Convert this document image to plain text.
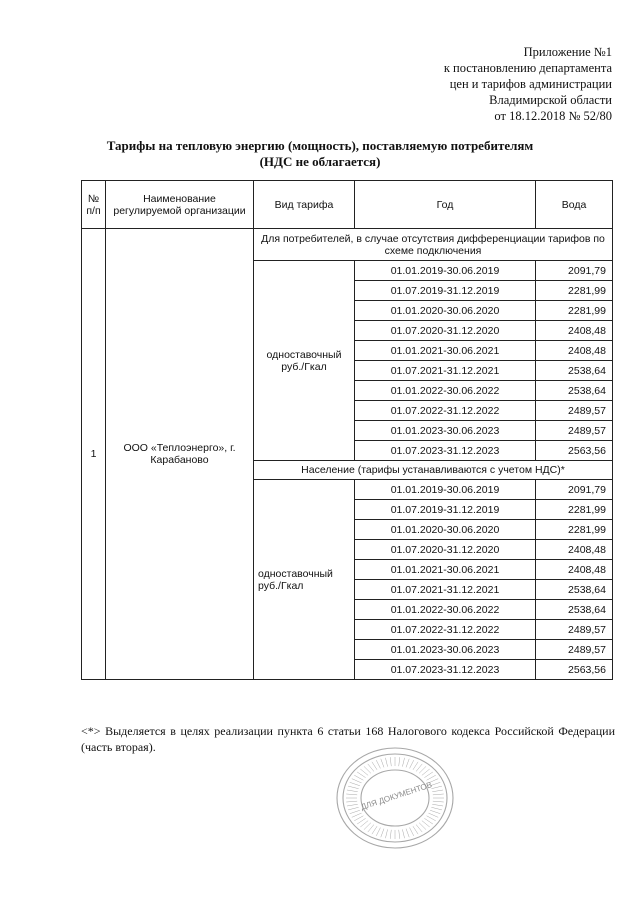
Приложение №1
к постановлению департамента
цен и тарифов администрации
Владимирской области
от 18.12.2018 № 52/80
Тарифы на тепловую энергию (мощность), поставляемую потребителям
(НДС не облагается)
№ п/п	Наименование регулируемой организации	Вид тарифа	Год	Вода
1	ООО «Теплоэнерго», г. Карабаново	Для потребителей, в случае отсутствия дифференциации тарифов по схеме подключения		
		одноставочный руб./Гкал	01.01.2019-30.06.2019	2091,79
			01.07.2019-31.12.2019	2281,99
			01.01.2020-30.06.2020	2281,99
			01.07.2020-31.12.2020	2408,48
			01.01.2021-30.06.2021	2408,48
			01.07.2021-31.12.2021	2538,64
			01.01.2022-30.06.2022	2538,64
			01.07.2022-31.12.2022	2489,57
			01.01.2023-30.06.2023	2489,57
			01.07.2023-31.12.2023	2563,56
		Население (тарифы устанавливаются с учетом НДС)*		
		одноставочный руб./Гкал	01.01.2019-30.06.2019	2091,79
			01.07.2019-31.12.2019	2281,99
			01.01.2020-30.06.2020	2281,99
			01.07.2020-31.12.2020	2408,48
			01.01.2021-30.06.2021	2408,48
			01.07.2021-31.12.2021	2538,64
			01.01.2022-30.06.2022	2538,64
			01.07.2022-31.12.2022	2489,57
			01.01.2023-30.06.2023	2489,57
			01.07.2023-31.12.2023	2563,56
<*> Выделяется в целях реализации пункта 6 статьи 168 Налогового кодекса Российской Федерации (часть вторая).
ДЛЯ ДОКУМЕНТОВ
